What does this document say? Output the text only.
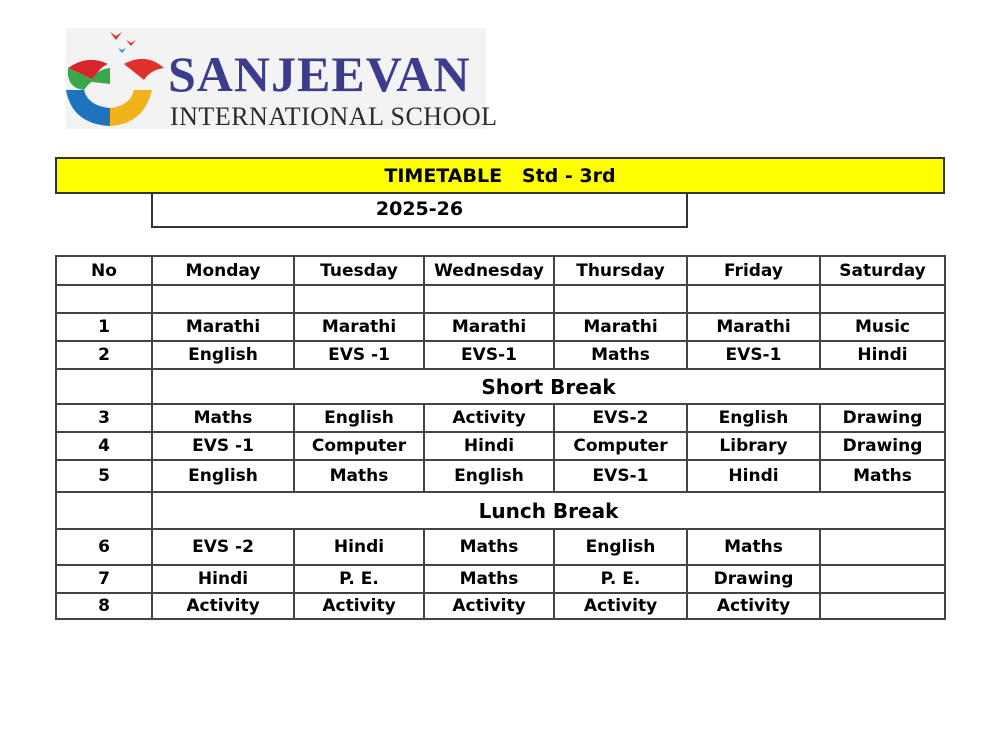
SANJEEVAN
INTERNATIONAL SCHOOL
TIMETABLE   Std - 3rd
2025-26
No	Monday	Tuesday	Wednesday	Thursday	Friday	Saturday

1	Marathi	Marathi	Marathi	Marathi	Marathi	Music
2	English	EVS -1	EVS-1	Maths	EVS-1	Hindi
	Short Break					
3	Maths	English	Activity	EVS-2	English	Drawing
4	EVS -1	Computer	Hindi	Computer	Library	Drawing
5	English	Maths	English	EVS-1	Hindi	Maths
	Lunch Break					
6	EVS -2	Hindi	Maths	English	Maths	
7	Hindi	P. E.	Maths	P. E.	Drawing	
8	Activity	Activity	Activity	Activity	Activity	
